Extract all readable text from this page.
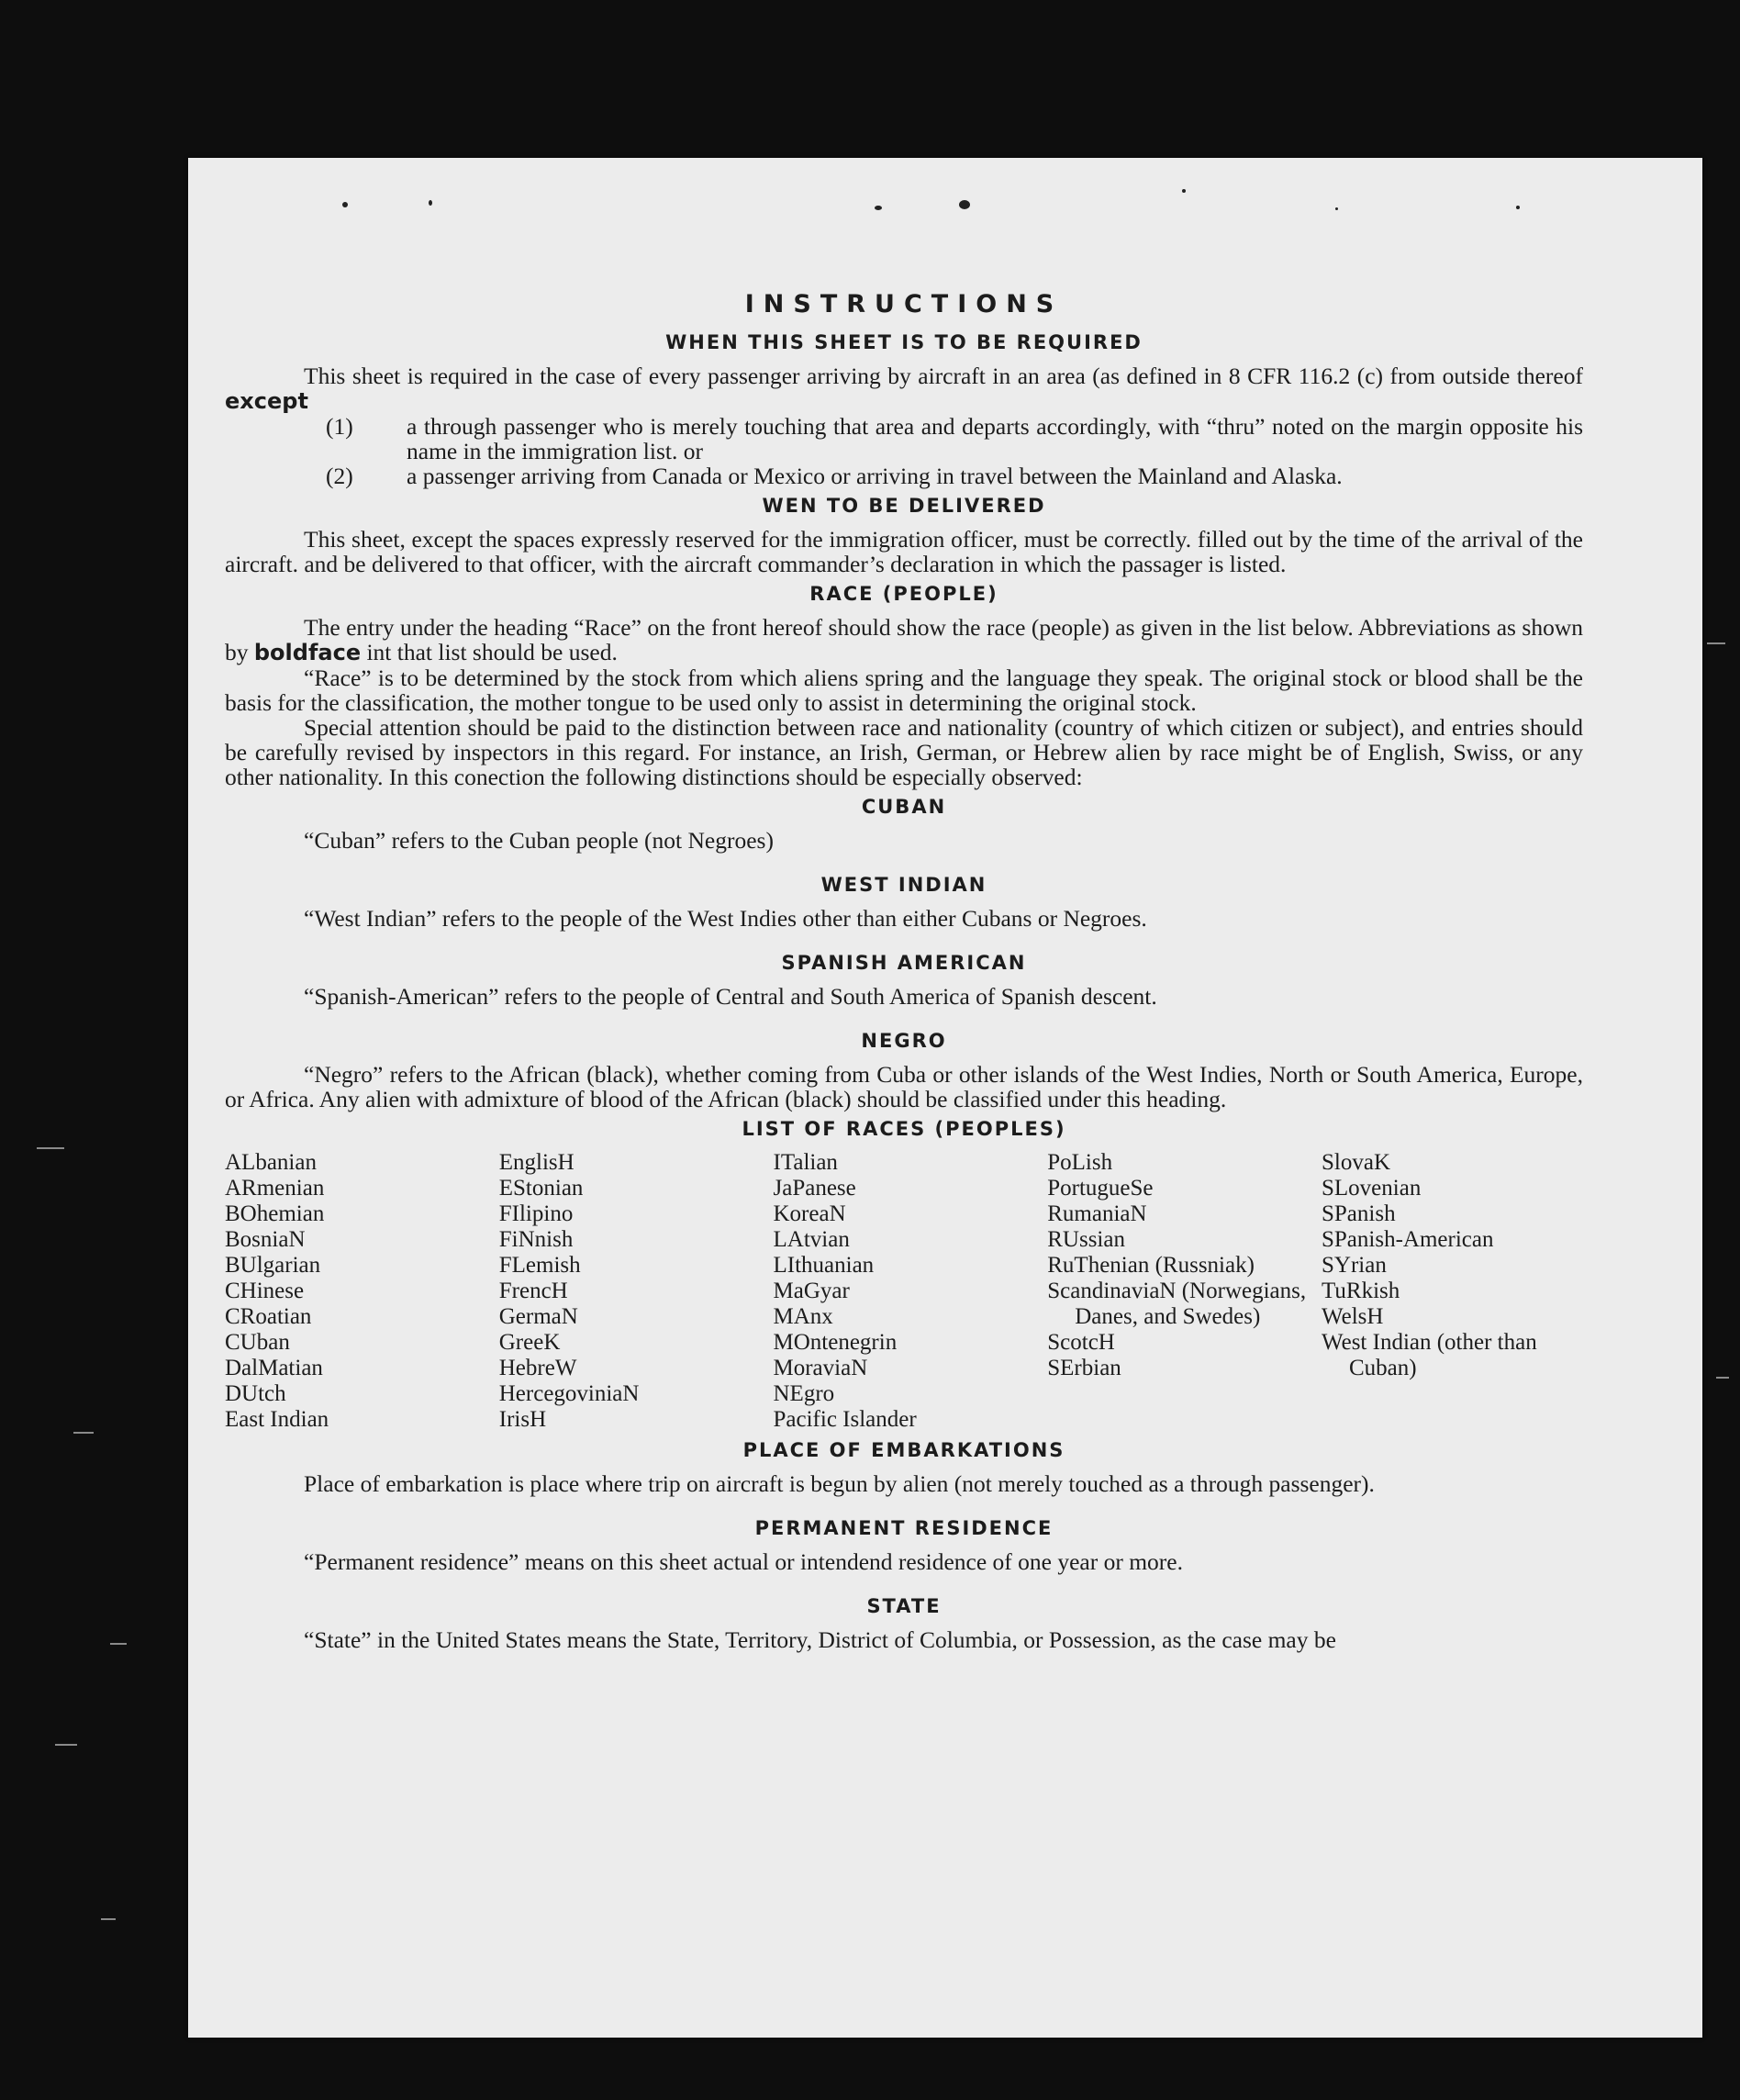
INSTRUCTIONS
WHEN THIS SHEET IS TO BE REQUIRED

This sheet is required in the case of every passenger arriving by aircraft in an area (as defined in 8 CFR 116.2 (c) from outside thereof except

(1) a through passenger who is merely touching that area and departs accordingly, with “thru” noted on the margin opposite his name in the immigration list. or
(2) a passenger arriving from Canada or Mexico or arriving in travel between the Mainland and Alaska.
WEN TO BE DELIVERED

This sheet, except the spaces expressly reserved for the immigration officer, must be correctly. filled out by the time of the arrival of the aircraft. and be delivered to that officer, with the aircraft commander’s declaration in which the passager is listed.

RACE (PEOPLE)

The entry under the heading “Race” on the front hereof should show the race (people) as given in the list below. Abbreviations as shown by boldface int that list should be used.

“Race” is to be determined by the stock from which aliens spring and the language they speak. The original stock or blood shall be the basis for the classification, the mother tongue to be used only to assist in determining the original stock.

Special attention should be paid to the distinction between race and nationality (country of which citizen or subject), and entries should be carefully revised by inspectors in this regard. For instance, an Irish, German, or Hebrew alien by race might be of English, Swiss, or any other nationality. In this conection the following distinctions should be especially observed:

CUBAN

“Cuban” refers to the Cuban people (not Negroes)

WEST INDIAN

“West Indian” refers to the people of the West Indies other than either Cubans or Negroes.

SPANISH AMERICAN

“Spanish-American” refers to the people of Central and South America of Spanish descent.

NEGRO

“Negro” refers to the African (black), whether coming from Cuba or other islands of the West Indies, North or South America, Europe, or Africa. Any alien with admixture of blood of the African (black) should be classified under this heading.

LIST OF RACES (PEOPLES)
ALbanian
ARmenian
BOhemian
BosniaN
BUlgarian
CHinese
CRoatian
CUban
DalMatian
DUtch
East Indian
EnglisH
EStonian
FIlipino
FiNnish
FLemish
FrencH
GermaN
GreeK
HebreW
HercegoviniaN
IrisH
ITalian
JaPanese
KoreaN
LAtvian
LIthuanian
MaGyar
MAnx
MOntenegrin
MoraviaN
NEgro
Pacific Islander
PoLish
PortugueSe
RumaniaN
RUssian
RuThenian (Russniak)
ScandinaviaN (Norwegians, Danes, and Swedes)
ScotcH
SErbian
SlovaK
SLovenian
SPanish
SPanish-American
SYrian
TuRkish
WelsH
West Indian (other than Cuban)
PLACE OF EMBARKATIONS

Place of embarkation is place where trip on aircraft is begun by alien (not merely touched as a through passenger).

PERMANENT RESIDENCE

“Permanent residence” means on this sheet actual or intendend residence of one year or more.

STATE

“State” in the United States means the State, Territory, District of Columbia, or Possession, as the case may be
